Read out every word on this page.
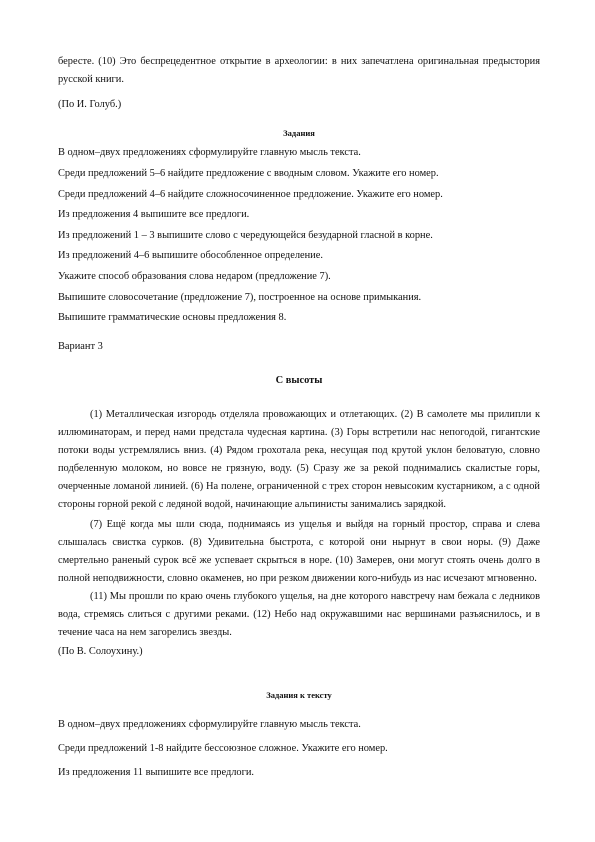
бересте. (10) Это беспрецедентное открытие в археологии: в них запечатлена оригинальная предыстория русской книги.

(По И. Голуб.)

Задания

В одном–двух предложениях сформулируйте главную мысль текста.

Среди предложений 5–6 найдите предложение с вводным словом. Укажите его номер.

Среди предложений 4–6 найдите сложносочиненное предложение. Укажите его номер.

Из предложения 4 выпишите все предлоги.

Из предложений 1 – 3 выпишите слово с чередующейся безударной гласной в корне.

Из предложений 4–6 выпишите обособленное определение.

Укажите способ образования слова недаром (предложение 7).

Выпишите словосочетание (предложение 7), построенное на основе примыкания.

Выпишите грамматические основы предложения 8.

Вариант 3

С высоты

(1) Металлическая изгородь отделяла провожающих и отлетающих. (2) В самолете мы прилипли к иллюминаторам, и перед нами предстала чудесная картина. (3) Горы встретили нас непогодой, гигантские потоки воды устремлялись вниз. (4) Рядом грохотала река, несущая под крутой уклон беловатую, словно подбеленную молоком, но вовсе не грязную, воду. (5) Сразу же за рекой поднимались скалистые горы, очерченные ломаной линией. (6) На полене, ограниченной с трех сторон невысоким кустарником, а с одной стороны горной рекой с ледяной водой, начинающие альпинисты занимались зарядкой.

(7) Ещё когда мы шли сюда, поднимаясь из ущелья и выйдя на горный простор, справа и слева слышалась свистка сурков. (8) Удивительна быстрота, с которой они нырнут в свои норы. (9) Даже смертельно раненый сурок всё же успевает скрыться в норе. (10) Замерев, они могут стоять очень долго в полной неподвижности, словно окаменев, но при резком движении кого-нибудь из нас исчезают мгновенно.

(11) Мы прошли по краю очень глубокого ущелья, на дне которого навстречу нам бежала с ледников вода, стремясь слиться с другими реками. (12) Небо над окружавшими нас вершинами разъяснилось, и в течение часа на нем загорелись звезды.

(По В. Солоухину.)

Задания к тексту

В одном–двух предложениях сформулируйте главную мысль текста.

Среди предложений 1-8 найдите бессоюзное сложное. Укажите его номер.

Из предложения 11 выпишите все предлоги.
